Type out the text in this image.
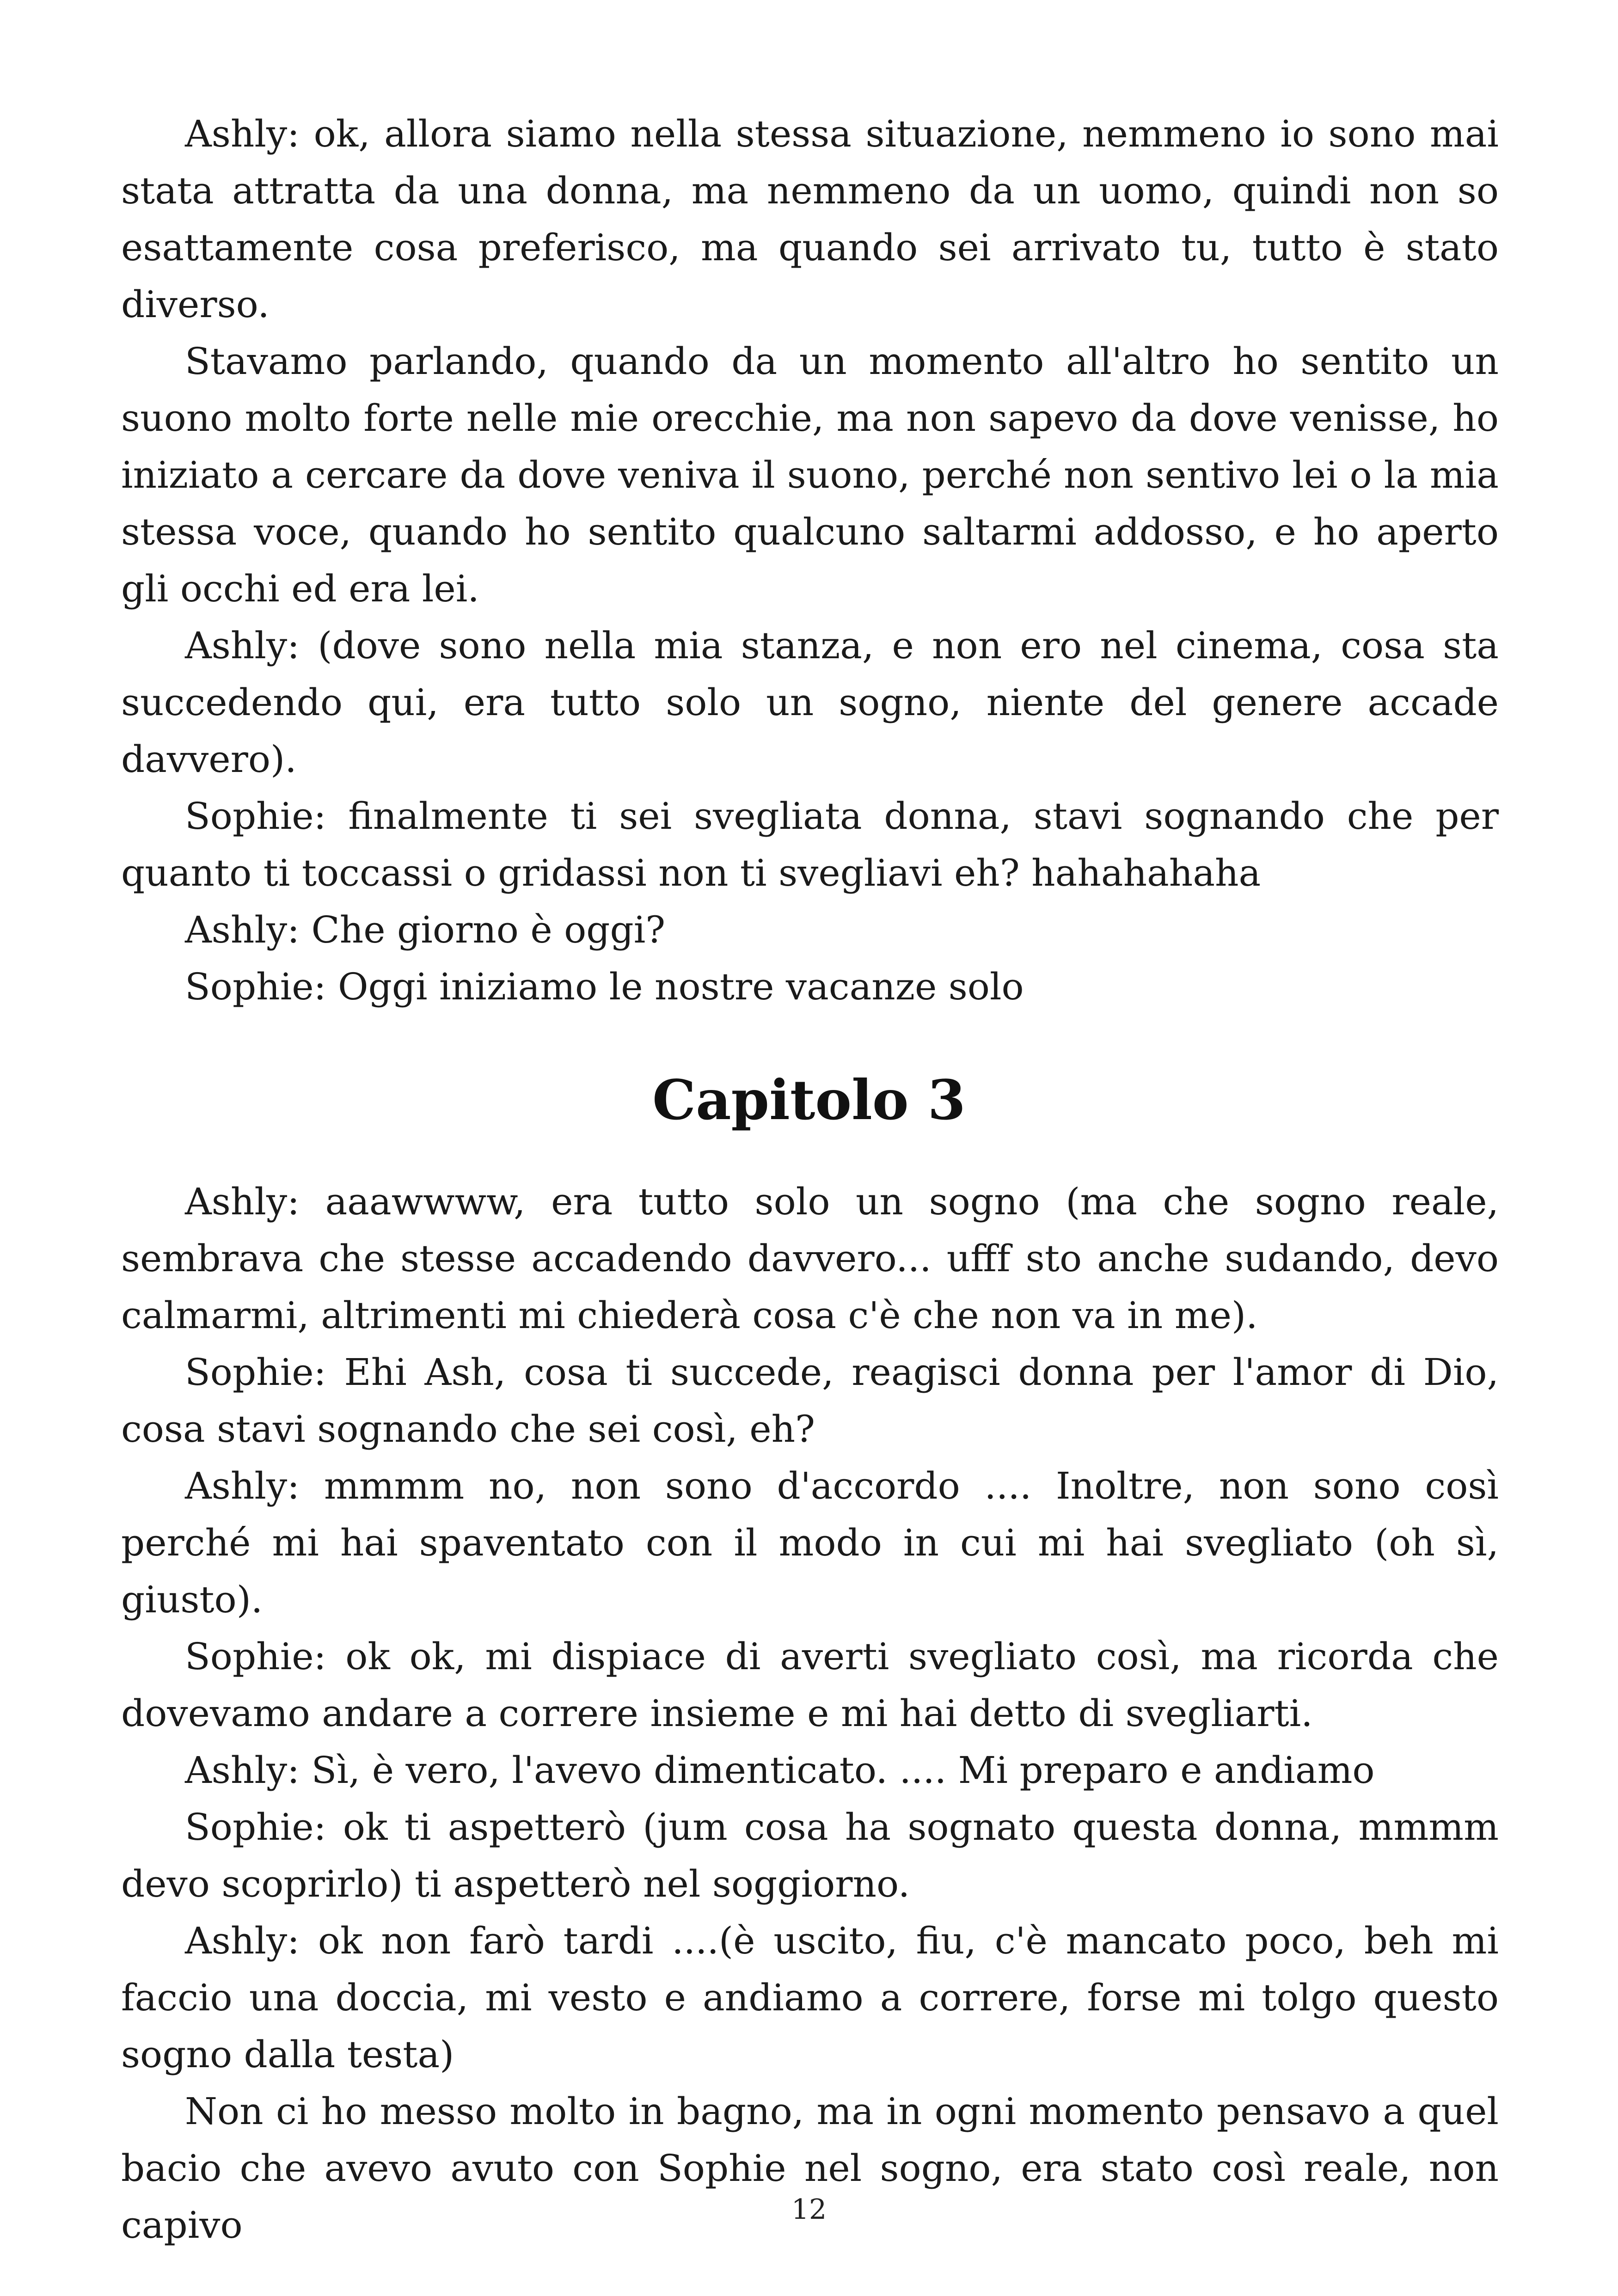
Ashly: ok, allora siamo nella stessa situazione, nemmeno io sono mai stata attratta da una donna, ma nemmeno da un uomo, quindi non so esattamente cosa preferisco, ma quando sei arrivato tu, tutto è stato diverso.

Stavamo parlando, quando da un momento all'altro ho sentito un suono molto forte nelle mie orecchie, ma non sapevo da dove venisse, ho iniziato a cercare da dove veniva il suono, perché non sentivo lei o la mia stessa voce, quando ho sentito qualcuno saltarmi addosso, e ho aperto gli occhi ed era lei.

Ashly: (dove sono nella mia stanza, e non ero nel cinema, cosa sta succedendo qui, era tutto solo un sogno, niente del genere accade davvero).

Sophie: finalmente ti sei svegliata donna, stavi sognando che per quanto ti toccassi o gridassi non ti svegliavi eh? hahahahaha

Ashly: Che giorno è oggi?

Sophie: Oggi iniziamo le nostre vacanze solo

Capitolo 3

Ashly: aaawwww, era tutto solo un sogno (ma che sogno reale, sembrava che stesse accadendo davvero... ufff sto anche sudando, devo calmarmi, altrimenti mi chiederà cosa c'è che non va in me).

Sophie: Ehi Ash, cosa ti succede, reagisci donna per l'amor di Dio, cosa stavi sognando che sei così, eh?

Ashly: mmmm no, non sono d'accordo .... Inoltre, non sono così perché mi hai spaventato con il modo in cui mi hai svegliato (oh sì, giusto).

Sophie: ok ok, mi dispiace di averti svegliato così, ma ricorda che dovevamo andare a correre insieme e mi hai detto di svegliarti.

Ashly: Sì, è vero, l'avevo dimenticato. .... Mi preparo e andiamo

Sophie: ok ti aspetterò (jum cosa ha sognato questa donna, mmmm devo scoprirlo) ti aspetterò nel soggiorno.

Ashly: ok non farò tardi ....(è uscito, fiu, c'è mancato poco, beh mi faccio una doccia, mi vesto e andiamo a correre, forse mi tolgo questo sogno dalla testa)

Non ci ho messo molto in bagno, ma in ogni momento pensavo a quel bacio che avevo avuto con Sophie nel sogno, era stato così reale, non capivo	12
